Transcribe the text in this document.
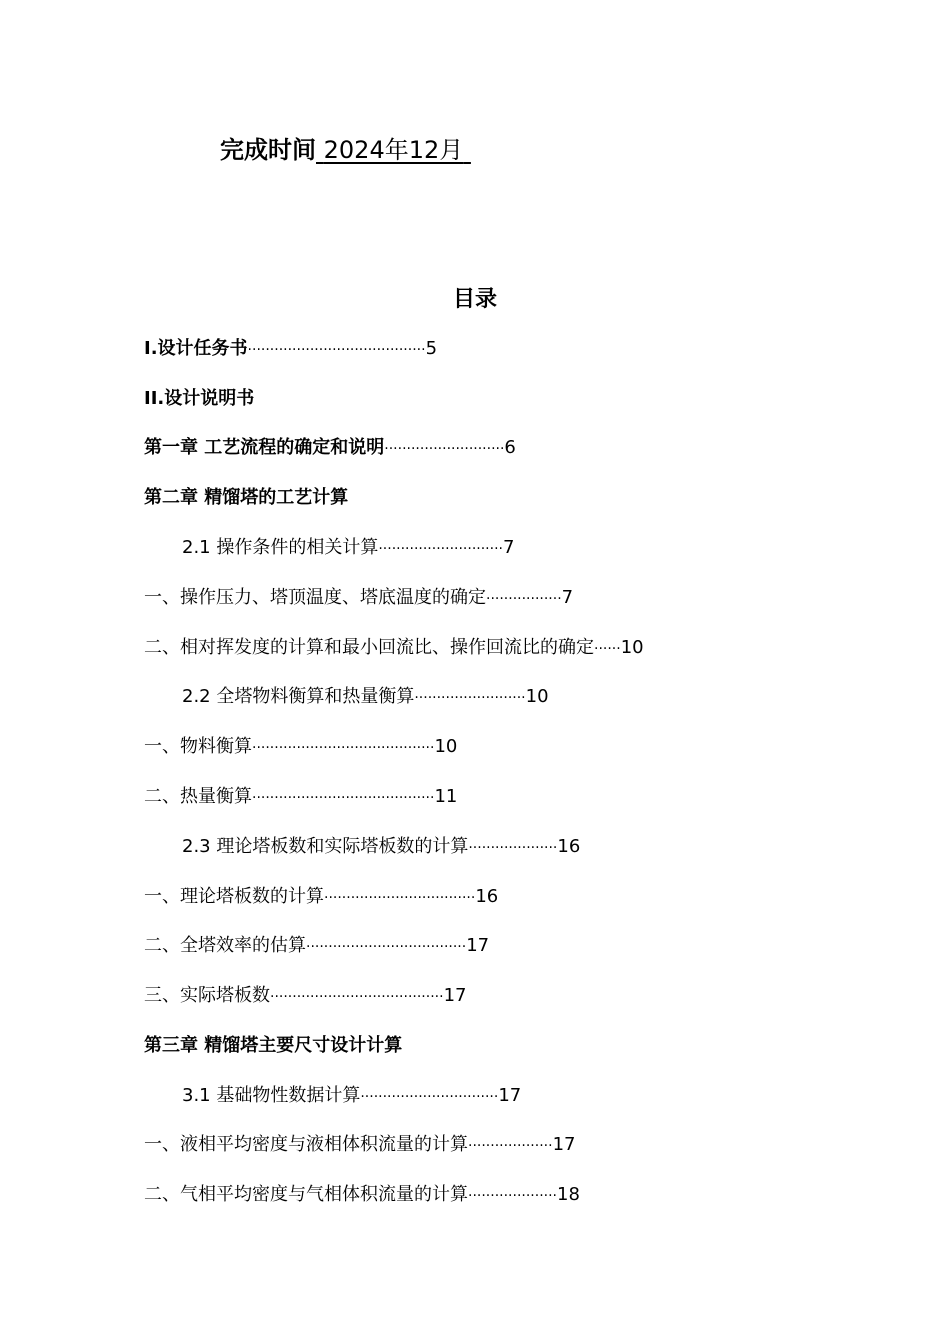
完成时间 2024年12月
目录
I.设计任务书········································5
II.设计说明书
第一章 工艺流程的确定和说明···························6
第二章 精馏塔的工艺计算
2.1 操作条件的相关计算····························7
一、操作压力、塔顶温度、塔底温度的确定·················7
二、相对挥发度的计算和最小回流比、操作回流比的确定······10
2.2 全塔物料衡算和热量衡算·························10
一、物料衡算·········································10
二、热量衡算·········································11
2.3 理论塔板数和实际塔板数的计算····················16
一、理论塔板数的计算··································16
二、全塔效率的估算····································17
三、实际塔板数·······································17
第三章 精馏塔主要尺寸设计计算
3.1 基础物性数据计算·······························17
一、液相平均密度与液相体积流量的计算···················17
二、气相平均密度与气相体积流量的计算····················18
